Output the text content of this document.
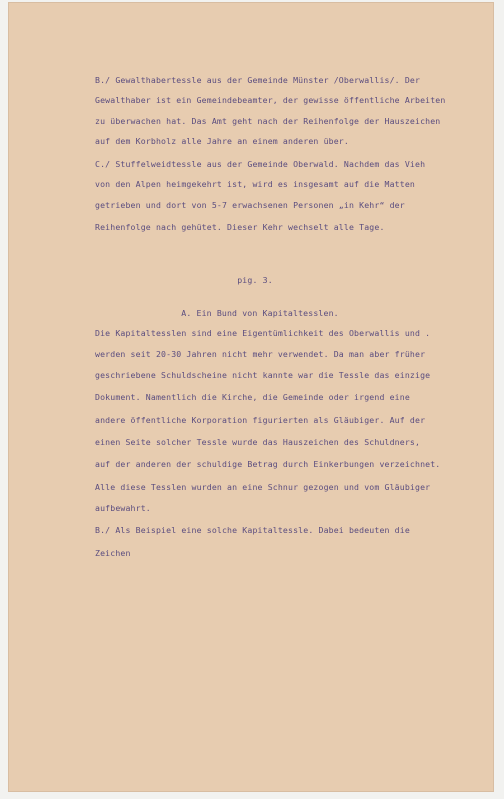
B./ Gewalthabertessle aus der Gemeinde Münster /Oberwallis/. Der

Gewalthaber ist ein Gemeindebeamter, der gewisse öffentliche Arbeiten

zu überwachen hat. Das Amt geht nach der Reihenfolge der Hauszeichen

auf dem Korbholz alle Jahre an einem anderen über.

C./ Stuffelweidtessle aus der Gemeinde Oberwald. Nachdem das Vieh

von den Alpen heimgekehrt ist, wird es insgesamt auf die Matten

getrieben und dort von 5-7 erwachsenen Personen „in Kehr“ der

Reihenfolge nach gehütet. Dieser Kehr wechselt alle Tage.

pig. 3.

A. Ein Bund von Kapitaltesslen.

Die Kapitaltesslen sind eine Eigentümlichkeit des Oberwallis und .

werden seit 20-30 Jahren nicht mehr verwendet. Da man aber früher

geschriebene Schuldscheine nicht kannte war die Tessle das einzige

Dokument. Namentlich die Kirche, die Gemeinde oder irgend eine

andere öffentliche Korporation figurierten als Gläubiger. Auf der

einen Seite solcher Tessle wurde das Hauszeichen des Schuldners,

auf der anderen der schuldige Betrag durch Einkerbungen verzeichnet.

Alle diese Tesslen wurden an eine Schnur gezogen und vom Gläubiger

aufbewahrt.

B./ Als Beispiel eine solche Kapitaltessle. Dabei bedeuten die

Zeichen
